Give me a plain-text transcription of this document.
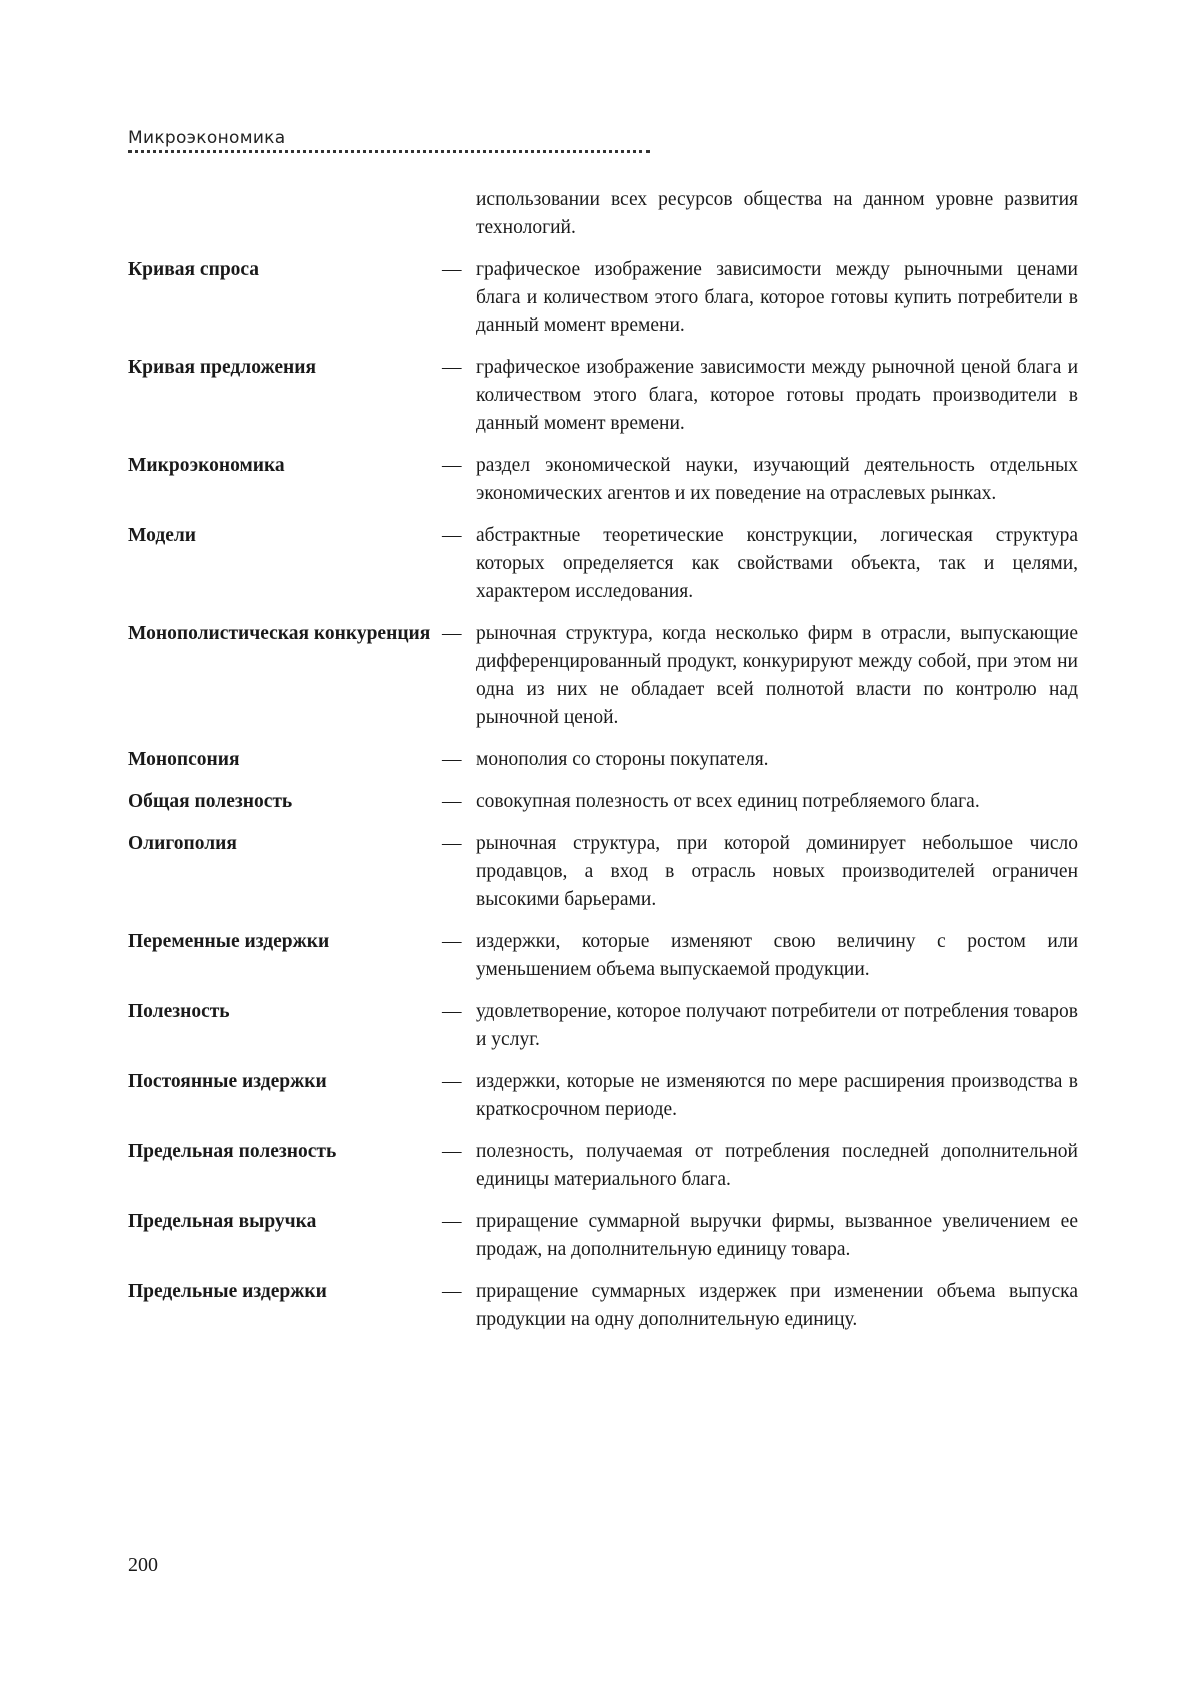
Микроэкономика
использовании всех ресурсов общества на данном уровне развития технологий.
Кривая спроса	— графическое изображение зависимости между рыночными ценами блага и количеством этого блага, которое готовы купить потребители в данный момент времени.
Кривая предложения	— графическое изображение зависимости между рыночной ценой блага и количеством этого блага, которое готовы продать производители в данный момент времени.
Микроэкономика	— раздел экономической науки, изучающий деятельность отдельных экономических агентов и их поведение на отраслевых рынках.
Модели	— абстрактные теоретические конструкции, логическая структура которых определяется как свойствами объекта, так и целями, характером исследования.
Монополистическая конкуренция — рыночная структура, когда несколько фирм в отрасли, выпускающие дифференцированный продукт, конкурируют между собой, при этом ни одна из них не обладает всей полнотой власти по контролю над рыночной ценой.
Монопсония	— монополия со стороны покупателя.
Общая полезность	— совокупная полезность от всех единиц потребляемого блага.
Олигополия	— рыночная структура, при которой доминирует небольшое число продавцов, а вход в отрасль новых производителей ограничен высокими барьерами.
Переменные издержки	— издержки, которые изменяют свою величину с ростом или уменьшением объема выпускаемой продукции.
Полезность	— удовлетворение, которое получают потребители от потребления товаров и услуг.
Постоянные издержки	— издержки, которые не изменяются по мере расширения производства в краткосрочном периоде.
Предельная полезность	— полезность, получаемая от потребления последней дополнительной единицы материального блага.
Предельная выручка	— приращение суммарной выручки фирмы, вызванное увеличением ее продаж, на дополнительную единицу товара.
Предельные издержки	— приращение суммарных издержек при изменении объема выпуска продукции на одну дополнительную единицу.
200
